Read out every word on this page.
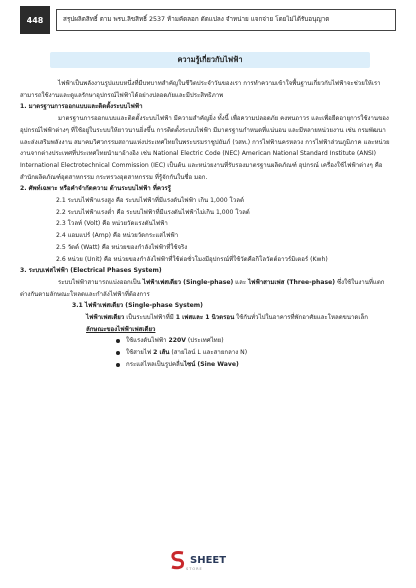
448	สรุปผลิตสิทธิ์ ตาม พรบ.ลิขสิทธิ์ 2537 ห้ามคัดลอก ดัดแปลง จำหน่าย แจกจ่าย โดยไม่ได้รับอนุญาต
ความรู้เกี่ยวกับไฟฟ้า

ไฟฟ้าเป็นพลังงานรูปแบบหนึ่งที่มีบทบาทสำคัญในชีวิตประจำวันของเรา การทำความเข้าใจพื้นฐานเกี่ยวกับไฟฟ้าจะช่วยให้เราสามารถใช้งานและดูแลรักษาอุปกรณ์ไฟฟ้าได้อย่างปลอดภัยและมีประสิทธิภาพ

1. มาตรฐานการออกแบบและติดตั้งระบบไฟฟ้า

มาตรฐานการออกแบบและติดตั้งระบบไฟฟ้า มีความสำคัญยิ่ง ทั้งนี้ เพื่อความปลอดภัย คงทนถาวร และเพื่อยืดอายุการใช้งานของอุปกรณ์ไฟฟ้าต่างๆ ที่ใช้อยู่ในระบบให้ยาวนานยิ่งขึ้น การติดตั้งระบบไฟฟ้า มีมาตรฐานกำหนดที่แน่นอน และมีหลายหน่วยงาน เช่น กรมพัฒนาและส่งเสริมพลังงาน สมาคมวิศวกรรมสถานแห่งประเทศไทยในพระบรมราชูปถัมภ์ (วสท.) การไฟฟ้านครหลวง การไฟฟ้าส่วนภูมิภาค และหน่วยงานจากต่างประเทศที่ประเทศไทยนำมาอ้างอิง เช่น National Electric Code (NEC) American National Standard Institute (ANSI) International Electrotechnical Commission (IEC) เป็นต้น และหน่วยงานที่รับรองมาตรฐานผลิตภัณฑ์ อุปกรณ์ เครื่องใช้ไฟฟ้าต่างๆ คือ สำนักผลิตภัณฑ์อุตสาหกรรม กระทรวงอุตสาหกรรม ที่รู้จักกันในชื่อ มอก.

2. ศัพท์เฉพาะ หรือคำจำกัดความ ด้านระบบไฟฟ้า ที่ควรรู้

2.1 ระบบไฟฟ้าแรงสูง คือ ระบบไฟฟ้าที่มีแรงดันไฟฟ้า เกิน 1,000 โวลต์

2.2 ระบบไฟฟ้าแรงต่ำ คือ ระบบไฟฟ้าที่มีแรงดันไฟฟ้าไม่เกิน 1,000 โวลต์

2.3 โวลท์ (Volt) คือ หน่วยวัดแรงดันไฟฟ้า

2.4 แอมแปร์ (Amp) คือ หน่วยวัดกระแสไฟฟ้า

2.5 วัตต์ (Watt) คือ หน่วยของกำลังไฟฟ้าที่ใช้จริง

2.6 หน่วย (Unit) คือ หน่วยของกำลังไฟฟ้าที่ใช้ต่อชั่วโมงมีอุปกรณ์ที่ใช้วัดคือกิโลวัตต์อาวร์มิเตอร์ (Kwh)

3. ระบบเฟสไฟฟ้า (Electrical Phases System)

ระบบไฟฟ้าสามารถแบ่งออกเป็น ไฟฟ้าเฟสเดียว (Single-phase) และ ไฟฟ้าสามเฟส (Three-phase) ซึ่งใช้ในงานที่แตกต่างกันตามลักษณะโหลดและกำลังไฟฟ้าที่ต้องการ

3.1 ไฟฟ้าเฟสเดียว (Single-phase System)

ไฟฟ้าเฟสเดียว เป็นระบบไฟฟ้าที่มี 1 เฟสและ 1 นิวตรอน ใช้กันทั่วไปในอาคารที่พักอาศัยและโหลดขนาดเล็ก

ลักษณะของไฟฟ้าเฟสเดียว

ใช้แรงดันไฟฟ้า 220V (ประเทศไทย)

ใช้สายไฟ 2 เส้น (สายไลน์ L และสายกลาง N)

กระแสไหลเป็นรูปคลื่นไซน์ (Sine Wave)

SHEET
STORE
